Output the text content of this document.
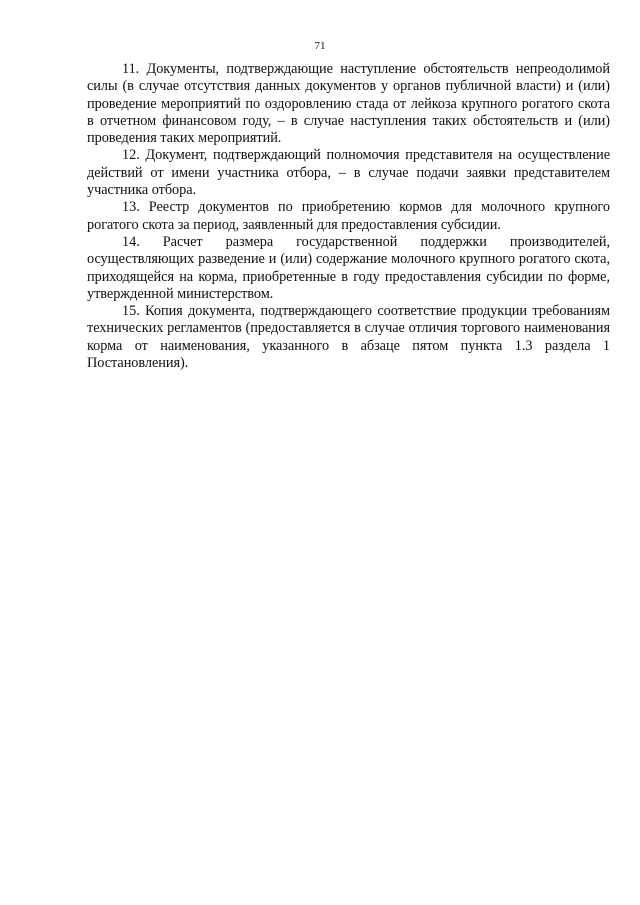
71

11. Документы, подтверждающие наступление обстоятельств непреодолимой силы (в случае отсутствия данных документов у органов публичной власти) и (или) проведение мероприятий по оздоровлению стада от лейкоза крупного рогатого скота в отчетном финансовом году, – в случае наступления таких обстоятельств и (или) проведения таких мероприятий.

12. Документ, подтверждающий полномочия представителя на осуществление действий от имени участника отбора, – в случае подачи заявки представителем участника отбора.

13. Реестр документов по приобретению кормов для молочного крупного рогатого скота за период, заявленный для предоставления субсидии.

14. Расчет размера государственной поддержки производителей, осуществляющих разведение и (или) содержание молочного крупного рогатого скота, приходящейся на корма, приобретенные в году предоставления субсидии по форме, утвержденной министерством.

15. Копия документа, подтверждающего соответствие продукции требованиям технических регламентов (предоставляется в случае отличия торгового наименования корма от наименования, указанного в абзаце пятом пункта 1.3 раздела 1 Постановления).
